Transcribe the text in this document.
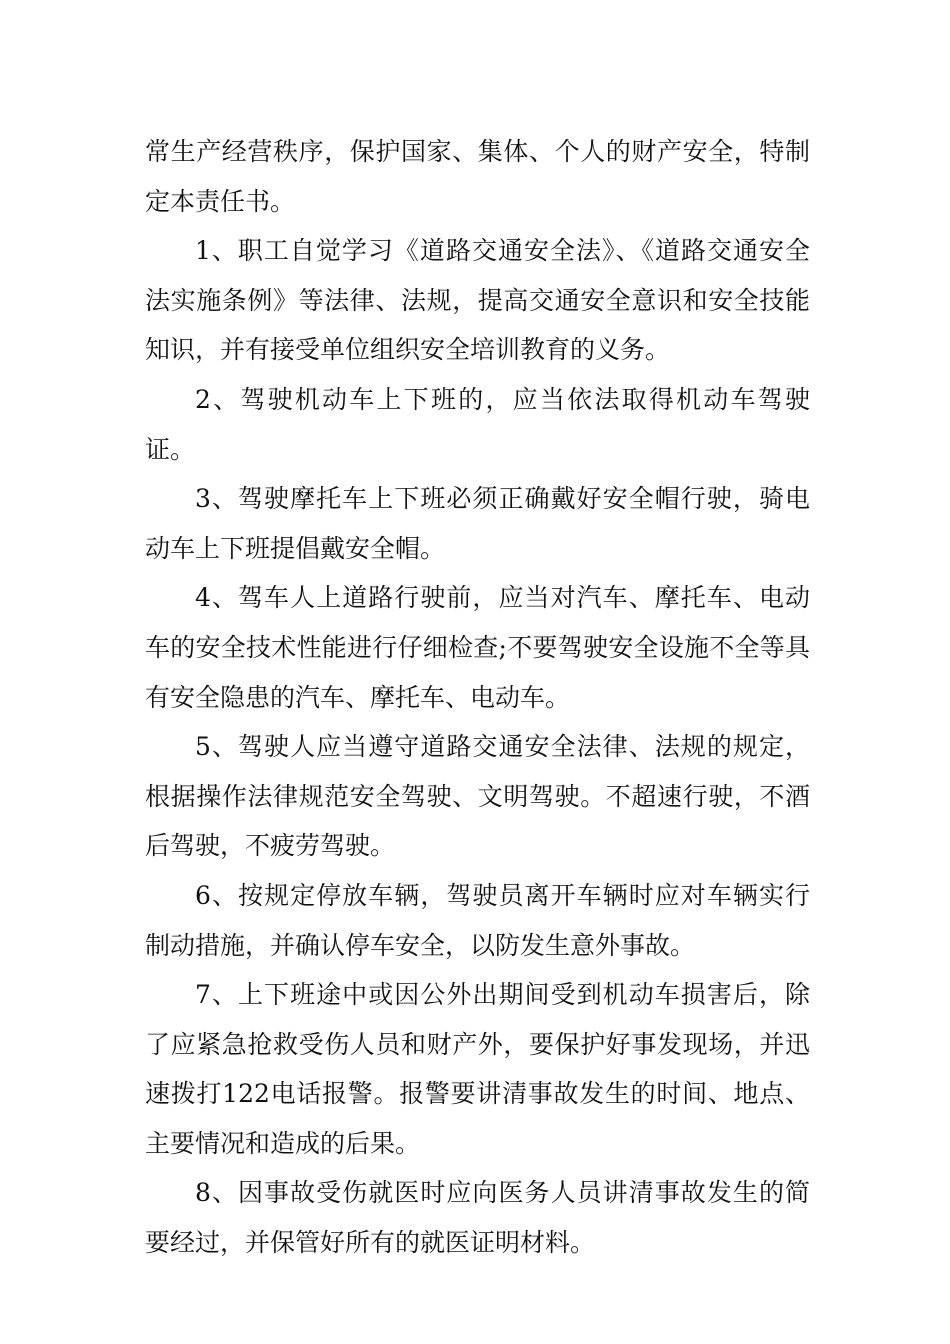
常生产经营秩序，保护国家、集体、个人的财产安全，特制定本责任书。

1、职工自觉学习《道路交通安全法》、《道路交通安全法实施条例》等法律、法规，提高交通安全意识和安全技能知识，并有接受单位组织安全培训教育的义务。

2、驾驶机动车上下班的，应当依法取得机动车驾驶证。

3、驾驶摩托车上下班必须正确戴好安全帽行驶，骑电动车上下班提倡戴安全帽。

4、驾车人上道路行驶前，应当对汽车、摩托车、电动车的安全技术性能进行仔细检查;不要驾驶安全设施不全等具有安全隐患的汽车、摩托车、电动车。

5、驾驶人应当遵守道路交通安全法律、法规的规定，根据操作法律规范安全驾驶、文明驾驶。不超速行驶，不酒后驾驶，不疲劳驾驶。

6、按规定停放车辆，驾驶员离开车辆时应对车辆实行制动措施，并确认停车安全，以防发生意外事故。

7、上下班途中或因公外出期间受到机动车损害后，除了应紧急抢救受伤人员和财产外，要保护好事发现场，并迅速拨打122电话报警。报警要讲清事故发生的时间、地点、主要情况和造成的后果。

8、因事故受伤就医时应向医务人员讲清事故发生的简要经过，并保管好所有的就医证明材料。
